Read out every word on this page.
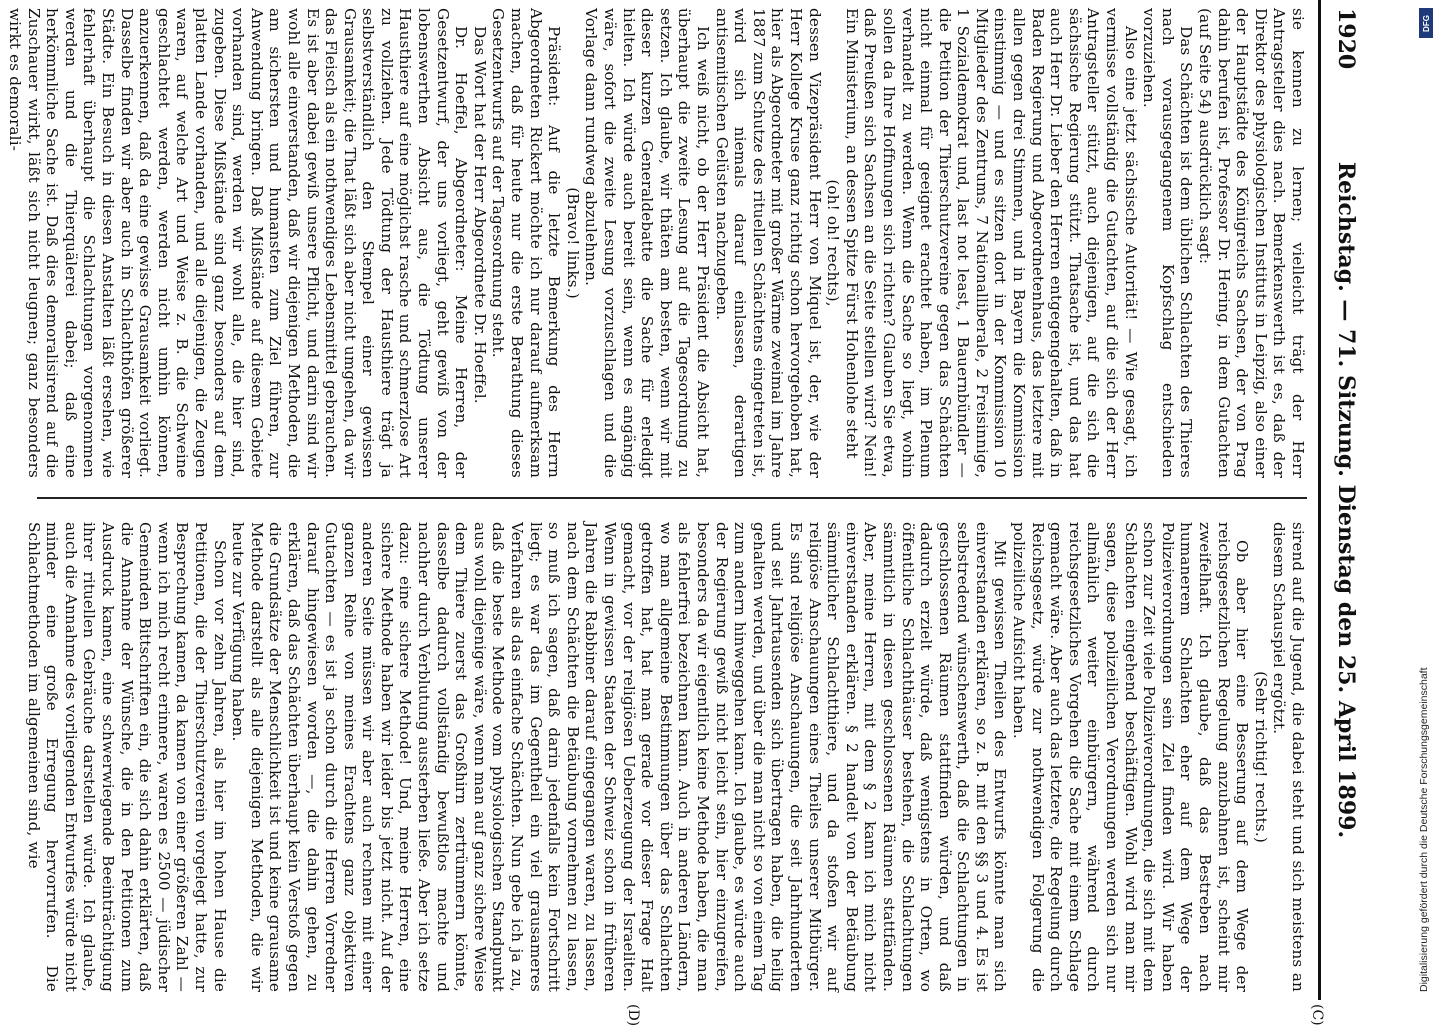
1920
Reichstag. — 71. Sitzung. Dienstag den 25. April 1899.
(C)
(D)

sie kennen zu lernen; vielleicht trägt der Herr Antragsteller dies nach. Bemerkenswerth ist es, daß der Direktor des physiologischen Instituts in Leipzig, also einer der Hauptstädte des Königreichs Sachsen, der von Prag dahin berufen ist, Professor Dr. Hering, in dem Gutachten (auf Seite 54) ausdrücklich sagt:

Das Schächten ist dem üblichen Schlachten des Thieres nach vorausgegangenem Kopfschlag entschieden vorzuziehen.

Also eine jetzt sächsische Autorität! — Wie gesagt, ich vermisse vollständig die Gutachten, auf die sich der Herr Antragsteller stützt, auch diejenigen, auf die sich die sächsische Regierung stützt. Thatsache ist, und das hat auch Herr Dr. Lieber den Herren entgegengehalten, daß in Baden Regierung und Abgeordnetenhaus, das letztere mit allen gegen drei Stimmen, und in Bayern die Kommission einstimmig — und es sitzen dort in der Kommission 10 Mitglieder des Zentrums, 7 Nationalliberale, 2 Freisinnige, 1 Sozialdemokrat und, last not least, 1 Bauernbündler — die Petition der Thierschutzvereine gegen das Schächten nicht einmal für geeignet erachtet haben, im Plenum verhandelt zu werden. Wenn die Sache so liegt, wohin sollen da Ihre Hoffnungen sich richten? Glauben Sie etwa, daß Preußen sich Sachsen an die Seite stellen wird? Nein! Ein Ministerium, an dessen Spitze Fürst Hohenlohe steht

(oh! oh! rechts),

dessen Vizepräsident Herr von Miquel ist, der, wie der Herr Kollege Kruse ganz richtig schon hervorgehoben hat, hier als Abgeordneter mit großer Wärme zweimal im Jahre 1887 zum Schutze des rituellen Schächtens eingetreten ist, wird sich niemals darauf einlassen, derartigen antisemitischen Gelüsten nachzugeben.

Ich weiß nicht, ob der Herr Präsident die Absicht hat, überhaupt die zweite Lesung auf die Tagesordnung zu setzen. Ich glaube, wir thäten am besten, wenn wir mit dieser kurzen Generaldebatte die Sache für erledigt hielten. Ich würde auch bereit sein, wenn es angängig wäre, sofort die zweite Lesung vorzuschlagen und die Vorlage dann rundweg abzulehnen.

(Bravo! links.)

Präsident: Auf die letzte Bemerkung des Herrn Abgeordneten Rickert möchte ich nur darauf aufmerksam machen, daß für heute nur die erste Berathung dieses Gesetzentwurfs auf der Tagesordnung steht.

Das Wort hat der Herr Abgeordnete Dr. Hoeffel.

Dr. Hoeffel, Abgeordneter: Meine Herren, der Gesetzentwurf, der uns vorliegt, geht gewiß von der lobenswerthen Absicht aus, die Tödtung unserer Hausthiere auf eine möglichst rasche und schmerzlose Art zu vollziehen. Jede Tödtung der Hausthiere trägt ja selbstverständlich den Stempel einer gewissen Grausamkeit; die That läßt sich aber nicht umgehen, da wir das Fleisch als ein nothwendiges Lebensmittel gebrauchen. Es ist aber dabei gewiß unsere Pflicht, und darin sind wir wohl alle einverstanden, daß wir diejenigen Methoden, die am sichersten und humansten zum Ziel führen, zur Anwendung bringen. Daß Mißstände auf diesem Gebiete vorhanden sind, werden wir wohl alle, die hier sind, zugeben. Diese Mißstände sind ganz besonders auf dem platten Lande vorhanden, und alle diejenigen, die Zeugen waren, auf welche Art und Weise z. B. die Schweine geschlachtet werden, werden nicht umhin können, anzuerkennen, daß da eine gewisse Grausamkeit vorliegt. Dasselbe finden wir aber auch in Schlachthöfen größerer Städte. Ein Besuch in diesen Anstalten läßt ersehen, wie fehlerhaft überhaupt die Schlachtungen vorgenommen werden und die Thierquälerei dabei; daß eine herkömmliche Sache ist. Daß dies demoralisirend auf die Zuschauer wirkt, läßt sich nicht leugnen; ganz besonders wirkt es demorali-

sirend auf die Jugend, die dabei steht und sich meistens an diesem Schauspiel ergötzt.

(Sehr richtig! rechts.)

Ob aber hier eine Besserung auf dem Wege der reichsgesetzlichen Regelung anzubahnen ist, scheint mir zweifelhaft. Ich glaube, daß das Bestreben nach humanerem Schlachten eher auf dem Wege der Polizeiverordnungen sein Ziel finden wird. Wir haben schon zur Zeit viele Polizeiverordnungen, die sich mit dem Schlachten eingehend beschäftigen. Wohl wird man mir sagen, diese polizeilichen Verordnungen werden sich nur allmählich weiter einbürgern, während durch reichsgesetzliches Vorgehen die Sache mit einem Schlage gemacht wäre. Aber auch das letztere, die Regelung durch Reichsgesetz, würde zur nothwendigen Folgerung die polizeiliche Aufsicht haben.

Mit gewissen Theilen des Entwurfs könnte man sich einverstanden erklären, so z. B. mit den §§ 3 und 4. Es ist selbstredend wünschenswerth, daß die Schlachtungen in geschlossenen Räumen stattfinden würden, und daß dadurch erzielt würde, daß wenigstens in Orten, wo öffentliche Schlachthäuser bestehen, die Schlachtungen sämmtlich in diesen geschlossenen Räumen stattfänden. Aber, meine Herren, mit dem § 2 kann ich mich nicht einverstanden erklären. § 2 handelt von der Betäubung sämmtlicher Schlachtthiere, und da stoßen wir auf religiöse Anschauungen eines Theiles unserer Mitbürger. Es sind religiöse Anschauungen, die seit Jahrhunderten und seit Jahrtausenden sich übertragen haben, die heilig gehalten werden, und über die man nicht so von einem Tag zum andern hinweggehen kann. Ich glaube, es würde auch der Regierung gewiß nicht leicht sein, hier einzugreifen, besonders da wir eigentlich keine Methode haben, die man als fehlerfrei bezeichnen kann. Auch in anderen Ländern, wo man allgemeine Bestimmungen über das Schlachten getroffen hat, hat man gerade vor dieser Frage Halt gemacht, vor der religiösen Ueberzeugung der Israeliten. Wenn in gewissen Staaten der Schweiz schon in früheren Jahren die Rabbiner darauf eingegangen waren, zu lassen, nach dem Schächten die Betäubung vornehmen zu lassen, so muß ich sagen, daß darin jedenfalls kein Fortschritt liegt; es war das im Gegentheil ein viel grausameres Verfahren als das einfache Schächten. Nun gebe ich ja zu, daß die beste Methode vom physiologischen Standpunkt aus wohl diejenige wäre, wenn man auf ganz sichere Weise dem Thiere zuerst das Großhirn zertrümmern könnte, dasselbe dadurch vollständig bewußtlos machte und nachher durch Verblutung aussterben ließe. Aber ich setze dazu: eine sichere Methode! Und, meine Herren, eine sichere Methode haben wir leider bis jetzt nicht. Auf der anderen Seite müssen wir aber auch rechnen mit einer ganzen Reihe von meines Erachtens ganz objektiven Gutachten — es ist ja schon durch die Herren Vorredner darauf hingewiesen worden —, die dahin gehen, zu erklären, daß das Schächten überhaupt kein Verstoß gegen die Grundsätze der Menschlichkeit ist und keine grausame Methode darstellt als alle diejenigen Methoden, die wir heute zur Verfügung haben.

Schon vor zehn Jahren, als hier im hohen Hause die Petitionen, die der Thierschutzverein vorgelegt hatte, zur Besprechung kamen, da kamen von einer größeren Zahl — wenn ich mich recht erinnere, waren es 2500 — jüdischer Gemeinden Bittschriften ein, die sich dahin erklärten, daß die Annahme der Wünsche, die in den Petitionen zum Ausdruck kamen, eine schwerwiegende Beeinträchtigung ihrer rituellen Gebräuche darstellen würde. Ich glaube, auch die Annahme des vorliegenden Entwurfes würde nicht minder eine große Erregung hervorrufen. Die Schlachtmethoden im allgemeinen sind, wie

DFG
Digitalisierung gefördert durch die Deutsche Forschungsgemeinschaft
